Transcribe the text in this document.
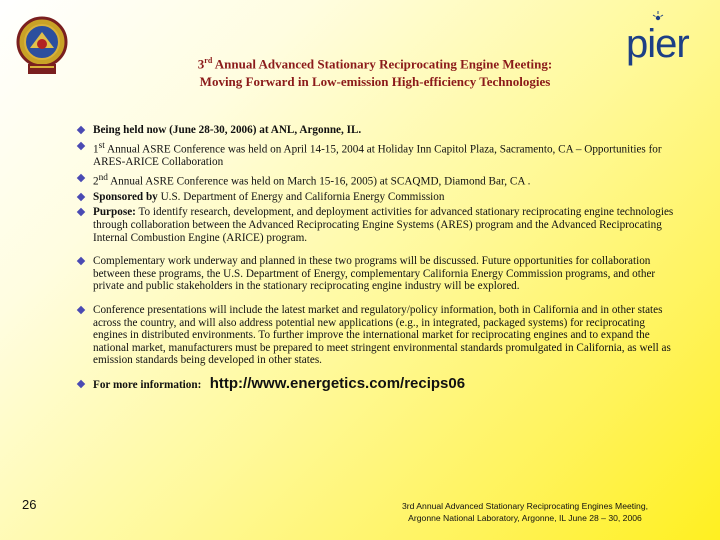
pier
3rd Annual Advanced Stationary Reciprocating Engine Meeting:
Moving Forward in Low-emission High-efficiency Technologies
Being held now (June 28-30, 2006) at ANL, Argonne, IL.
1st Annual ASRE Conference was held on April 14-15, 2004 at Holiday Inn Capitol Plaza, Sacramento, CA – Opportunities for ARES-ARICE Collaboration
2nd Annual ASRE Conference was held on March 15-16, 2005) at SCAQMD, Diamond Bar, CA .
Sponsored by U.S. Department of Energy and California Energy Commission
Purpose: To identify research, development, and deployment activities for advanced stationary reciprocating engine technologies through collaboration between the Advanced Reciprocating Engine Systems (ARES) program and the Advanced Reciprocating Internal Combustion Engine (ARICE) program.
Complementary work underway and planned in these two programs will be discussed. Future opportunities for collaboration between these programs, the U.S. Department of Energy, complementary California Energy Commission programs, and other private and public stakeholders in the stationary reciprocating engine industry will be explored.
Conference presentations will include the latest market and regulatory/policy information, both in California and in other states across the country, and will also address potential new applications (e.g., in integrated, packaged systems) for reciprocating engines in distributed environments. To further improve the international market for reciprocating engines and to expand the national market, manufacturers must be prepared to meet stringent environmental standards promulgated in California, as well as emission standards being developed in other states.
For more information: http://www.energetics.com/recips06
26	3rd Annual Advanced Stationary Reciprocating Engines Meeting,
Argonne National Laboratory, Argonne, IL June 28 – 30, 2006
